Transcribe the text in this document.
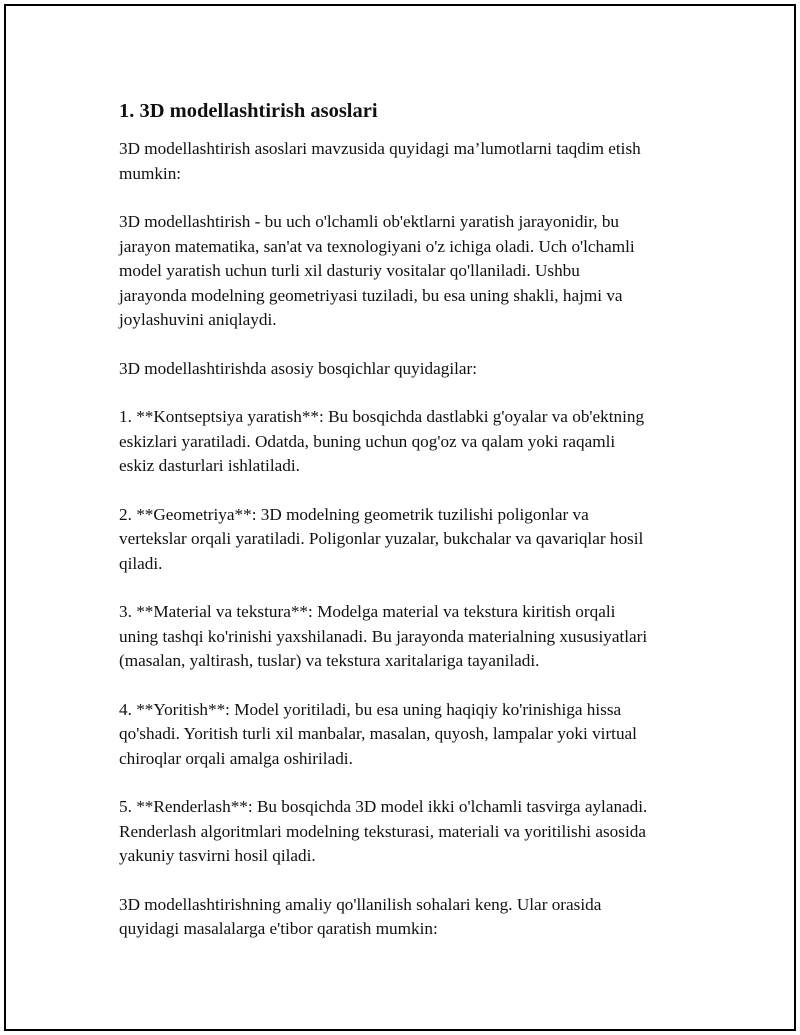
1. 3D modellashtirish asoslari

3D modellashtirish asoslari mavzusida quyidagi ma’lumotlarni taqdim etish
mumkin:

3D modellashtirish - bu uch o'lchamli ob'ektlarni yaratish jarayonidir, bu
jarayon matematika, san'at va texnologiyani o'z ichiga oladi. Uch o'lchamli
model yaratish uchun turli xil dasturiy vositalar qo'llaniladi. Ushbu
jarayonda modelning geometriyasi tuziladi, bu esa uning shakli, hajmi va
joylashuvini aniqlaydi.

3D modellashtirishda asosiy bosqichlar quyidagilar:

1. **Kontseptsiya yaratish**: Bu bosqichda dastlabki g'oyalar va ob'ektning
eskizlari yaratiladi. Odatda, buning uchun qog'oz va qalam yoki raqamli
eskiz dasturlari ishlatiladi.

2. **Geometriya**: 3D modelning geometrik tuzilishi poligonlar va
vertekslar orqali yaratiladi. Poligonlar yuzalar, bukchalar va qavariqlar hosil
qiladi.

3. **Material va tekstura**: Modelga material va tekstura kiritish orqali
uning tashqi ko'rinishi yaxshilanadi. Bu jarayonda materialning xususiyatlari
(masalan, yaltirash, tuslar) va tekstura xaritalariga tayaniladi.

4. **Yoritish**: Model yoritiladi, bu esa uning haqiqiy ko'rinishiga hissa
qo'shadi. Yoritish turli xil manbalar, masalan, quyosh, lampalar yoki virtual
chiroqlar orqali amalga oshiriladi.

5. **Renderlash**: Bu bosqichda 3D model ikki o'lchamli tasvirga aylanadi.
Renderlash algoritmlari modelning teksturasi, materiali va yoritilishi asosida
yakuniy tasvirni hosil qiladi.

3D modellashtirishning amaliy qo'llanilish sohalari keng. Ular orasida
quyidagi masalalarga e'tibor qaratish mumkin:
